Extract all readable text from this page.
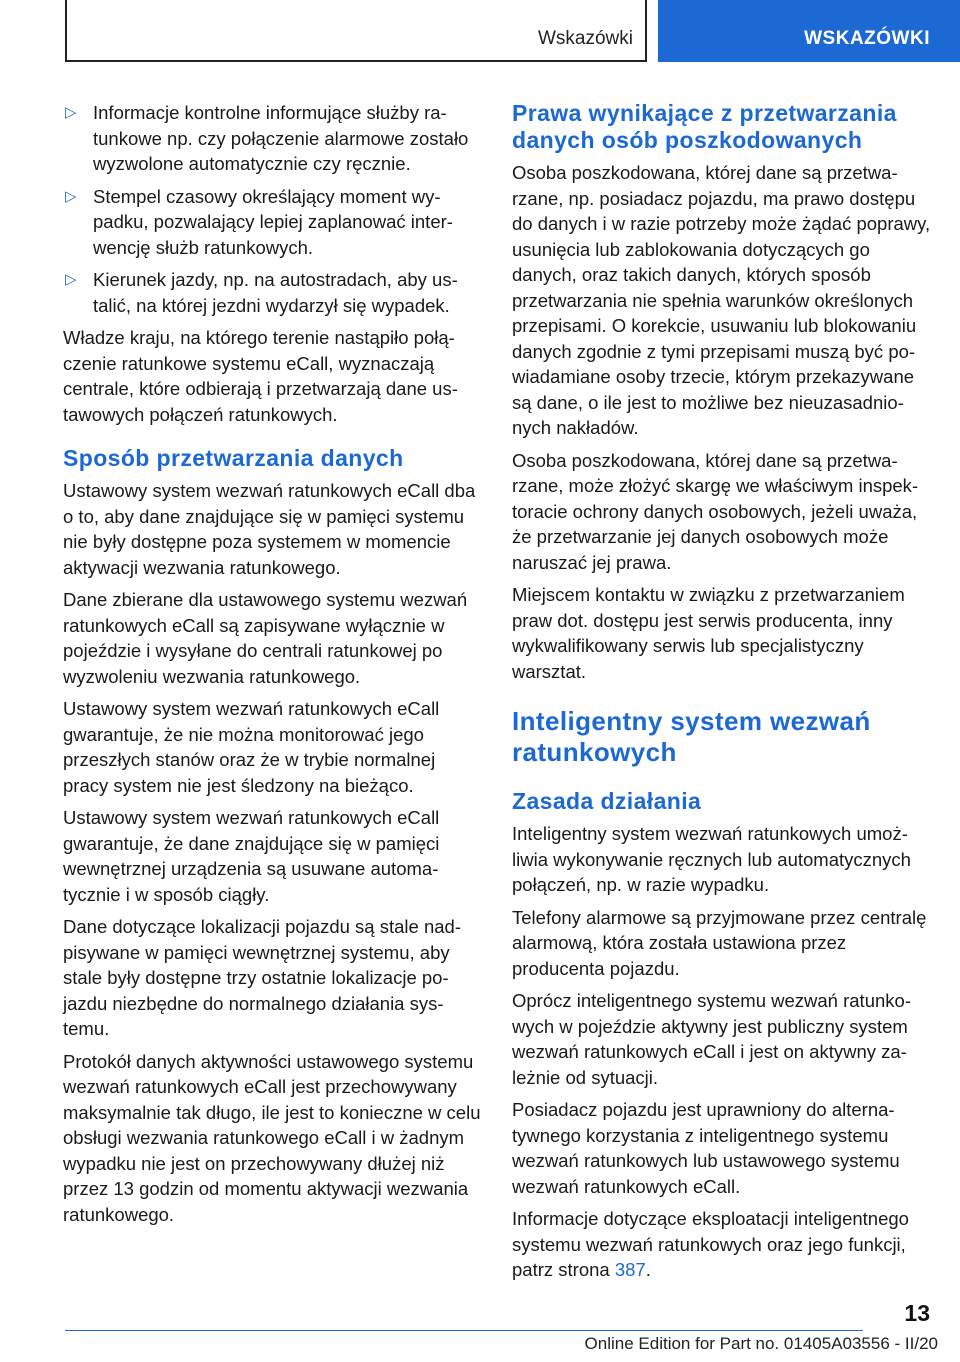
Wskazówki	WSKAZÓWKI
▷ Informacje kontrolne informujące służby ratunkowe np. czy połączenie alarmowe zostało wyzwolone automatycznie czy ręcznie.
▷ Stempel czasowy określający moment wypadku, pozwalający lepiej zaplanować interwencję służb ratunkowych.
▷ Kierunek jazdy, np. na autostradach, aby ustalić, na której jezdni wydarzył się wypadek.

Władze kraju, na którego terenie nastąpiło połączenie ratunkowe systemu eCall, wyznaczają centrale, które odbierają i przetwarzają dane ustawowych połączeń ratunkowych.

Sposób przetwarzania danych

Ustawowy system wezwań ratunkowych eCall dba o to, aby dane znajdujące się w pamięci systemu nie były dostępne poza systemem w momencie aktywacji wezwania ratunkowego.

Dane zbierane dla ustawowego systemu wezwań ratunkowych eCall są zapisywane wyłącznie w pojeździe i wysyłane do centrali ratunkowej po wyzwoleniu wezwania ratunkowego.

Ustawowy system wezwań ratunkowych eCall gwarantuje, że nie można monitorować jego przeszłych stanów oraz że w trybie normalnej pracy system nie jest śledzony na bieżąco.

Ustawowy system wezwań ratunkowych eCall gwarantuje, że dane znajdujące się w pamięci wewnętrznej urządzenia są usuwane automatycznie i w sposób ciągły.

Dane dotyczące lokalizacji pojazdu są stale nadpisywane w pamięci wewnętrznej systemu, aby stale były dostępne trzy ostatnie lokalizacje pojazdu niezbędne do normalnego działania systemu.

Protokół danych aktywności ustawowego systemu wezwań ratunkowych eCall jest przechowywany maksymalnie tak długo, ile jest to konieczne w celu obsługi wezwania ratunkowego eCall i w żadnym wypadku nie jest on przechowywany dłużej niż przez 13 godzin od momentu aktywacji wezwania ratunkowego.

Prawa wynikające z przetwarzania danych osób poszkodowanych

Osoba poszkodowana, której dane są przetwarzane, np. posiadacz pojazdu, ma prawo dostępu do danych i w razie potrzeby może żądać poprawy, usunięcia lub zablokowania dotyczących go danych, oraz takich danych, których sposób przetwarzania nie spełnia warunków określonych przepisami. O korekcie, usuwaniu lub blokowaniu danych zgodnie z tymi przepisami muszą być powiadamiane osoby trzecie, którym przekazywane są dane, o ile jest to możliwe bez nieuzasadnionych nakładów.

Osoba poszkodowana, której dane są przetwarzane, może złożyć skargę we właściwym inspektoracie ochrony danych osobowych, jeżeli uważa, że przetwarzanie jej danych osobowych może naruszać jej prawa.

Miejscem kontaktu w związku z przetwarzaniem praw dot. dostępu jest serwis producenta, inny wykwalifikowany serwis lub specjalistyczny warsztat.

Inteligentny system wezwań ratunkowych
Zasada działania

Inteligentny system wezwań ratunkowych umożliwia wykonywanie ręcznych lub automatycznych połączeń, np. w razie wypadku.

Telefony alarmowe są przyjmowane przez centralę alarmową, która została ustawiona przez producenta pojazdu.

Oprócz inteligentnego systemu wezwań ratunkowych w pojeździe aktywny jest publiczny system wezwań ratunkowych eCall i jest on aktywny zależnie od sytuacji.

Posiadacz pojazdu jest uprawniony do alternatywnego korzystania z inteligentnego systemu wezwań ratunkowych lub ustawowego systemu wezwań ratunkowych eCall.

Informacje dotyczące eksploatacji inteligentnego systemu wezwań ratunkowych oraz jego funkcji, patrz strona 387.

13
Online Edition for Part no. 01405A03556 - II/20
